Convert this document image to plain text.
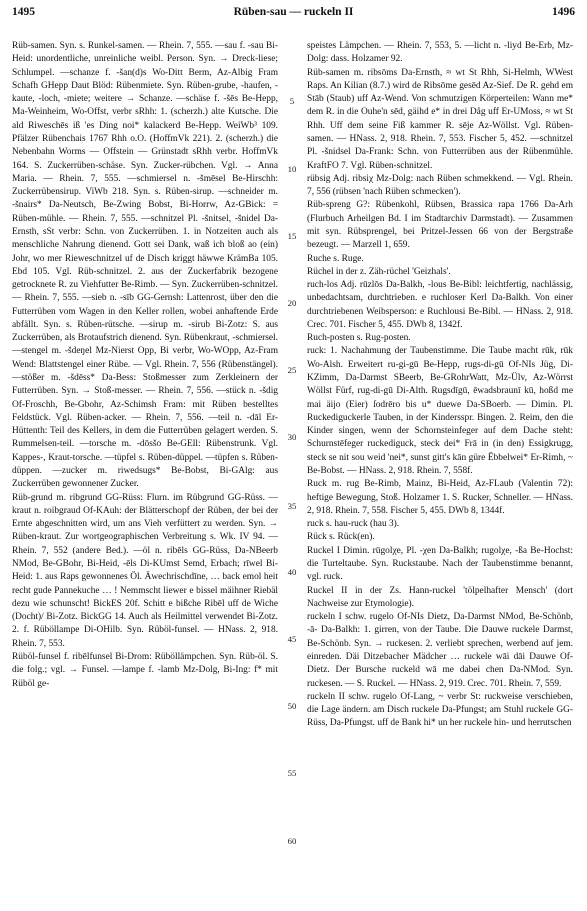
1495	Rüben-sau — ruckeln II	1496

Rüb-samen. Syn. s. Runkel-samen. — Rhein. 7, 555. —sau f. -sau Bi-Heid: unordentliche, unreinliche weibl. Person. Syn. → Dreck-liese; Schlumpel. —schanze f. -šan(d)s Wo-Ditt Berm, Az-Albig Fram Schafh GHepp Daut Blöd: Rübenmiete. Syn. Rüben-grube, -haufen, -kaute, -loch, -miete; weitere → Schanze. —schäse f. -šēs Be-Hepp, Ma-Weinheim, Wo-Offst, verbr sRhh: 1. (scherzh.) alte Kutsche. Die ald Riweschēs iß 'es Ding noi* kalackerd Be-Hepp. WeiWb³ 109. Pfälzer Rübenchais 1767 Rhh o.O. (HoffmVk 221). 2. (scherzh.) die Nebenbahn Worms — Offstein — Grünstadt sRhh verbr. HoffmVk 164. S. Zuckerrüben-schäse. Syn. Zucker-rübchen. Vgl. → Anna Maria. — Rhein. 7, 555. —schmiersel n. -šmēsel Be-Hirschh: Zuckerrübensirup. ViWb 218. Syn. s. Rüben-sirup. —schneider m. -šnairs* Da-Neutsch, Be-Zwing Bobst, Bi-Horrw, Az-GBick: = Rüben-mühle. — Rhein. 7, 555. —schnitzel Pl. -šnitsel, -šnidel Da-Ernsth, sSt verbr: Schn. von Zuckerrüben. 1. in Notzeiten auch als menschliche Nahrung dienend. Gott sei Dank, waß ich bloß ao (ein) Johr, wo mer Rieweschnitzel uf de Disch kriggt häwwe KrämBa 105. Ebd 105. Vgl. Rüb-schnitzel. 2. aus der Zuckerfabrik bezogene getrocknete R. zu Viehfutter Be-Rimb. — Syn. Zuckerrüben-schnitzel. — Rhein. 7, 555. —sieb n. -sīb GG-Gernsh: Lattenrost, über den die Futterrüben vom Wagen in den Keller rollen, wobei anhaftende Erde abfällt. Syn. s. Rüben-rütsche. —sirup m. -sirub Bi-Zotz: S. aus Zuckerrüben, als Brotaufstrich dienend. Syn. Rübenkraut, -schmiersel. —stengel m. -šdeŋel Mz-Nierst Opp, Bi verbr, Wo-WOpp, Az-Fram Wend: Blattstengel einer Rübe. — Vgl. Rhein. 7, 556 (Rübenstängel). —stößer m. -šdēss* Da-Bess: Stoßmesser zum Zerkleinern der Futterrüben. Syn. → Stoß-messer. — Rhein. 7, 556. —stück n. -šdig Of-Froschh, Be-Gbohr, Az-Schimsh Fram: mit Rüben bestelltes Feldstück. Vgl. Rüben-acker. — Rhein. 7, 556. —teil n. -dāl Er-Hüttenth: Teil des Kellers, in dem die Futterrüben gelagert werden. S. Rummelsen-teil. —torsche m. -dōsšo Be-GEll: Rübenstrunk. Vgl. Kappes-, Kraut-torsche. —tüpfel s. Rüben-düppel. —tüpfen s. Rüben-düppen. —zucker m. riwedsugs* Be-Bobst, Bi-GAlg: aus Zuckerrüben gewonnener Zucker.

Rüb-grund m. ribgrund GG-Rüss: Flurn. im Rübgrund GG-Rüss. —kraut n. roibgraud Of-KAuh: der Blätterschopf der Rüben, der bei der Ernte abgeschnitten wird, um ans Vieh verfüttert zu werden. Syn. → Rüben-kraut. Zur wortgeographischen Verbreitung s. Wk. IV 94. — Rhein. 7, 552 (andere Bed.). —öl n. ribēls GG-Rüss, Da-NBeerb NMod, Be-GBohr, Bi-Heid, -ēls Di-KUmst Semd, Erbach; rīwel Bi-Heid: 1. aus Raps gewonnenes Öl. Äwechrischdīne, … back emol heit recht gude Pannekuche … ! Nemmscht liewer e bissel mäihner Riebäl dezu wie schunscht! BickES 20f. Schitt e bißche Ribēl uff de Wiche (Docht)/ Bi-Zotz. BickGG 14. Auch als Heilmittel verwendet Bi-Zotz. 2. f. Rüböllampe Di-OHilb. Syn. Rüböl-funsel. — HNass. 2, 918. Rhein. 7, 553.

Rüböl-funsel f. ribēlfunsel Bi-Drom: Rüböllämpchen. Syn. Rüb-öl. S. die folg.; vgl. → Funsel. —lampe f. -lamb Mz-Dolg, Bi-Ing: f* mit Rüböl ge-

speistes Lämpchen. — Rhein. 7, 553, 5. —licht n. -liyd Be-Erb, Mz-Dolg: dass. Holzamer 92.

Rüb-samen m. ribsōms Da-Ernsth, ≈ wt St Rhh, Si-Helmh, WWest Raps. An Kilian (8.7.) wird de Ribsōme gesēd Az-Sief. De R. gehd em Stāb (Staub) uff Az-Wend. Von schmutzigen Körperteilen: Wann me* dem R. in die Ouhe'n sēd, gäihd e* in drei Dåg uff Er-UMoss, ≈ wt St Rhh. Uff dem seine Fiß kammer R. sēje Az-Wöllst. Vgl. Rüben-samen. — HNass. 2, 918. Rhein. 7, 553. Fischer 5, 452. —schnitzel Pl. -šnidsel Da-Frank: Schn. von Futterrüben aus der Rübenmühle. KraftFO 7. Vgl. Rüben-schnitzel.

rübsig Adj. ribsiχ Mz-Dolg: nach Rüben schmekkend. — Vgl. Rhein. 7, 556 (rübsen 'nach Rüben schmecken').

Rüb-spreng G?: Rübenkohl, Rübsen, Brassica rapa 1766 Da-Arh (Flurbuch Arheilgen Bd. I im Stadtarchiv Darmstadt). — Zusammen mit syn. Rübsprengel, bei Pritzel-Jessen 66 von der Bergstraße bezeugt. — Marzell 1, 659.

Ruche s. Ruge.

Rüchel in der z. Zäh-rüchel 'Geizhals'.

ruch-los Adj. rūzlōs Da-Balkh, -lous Be-Bibl: leichtfertig, nachlässig, unbedachtsam, durchtrieben. e ruchloser Kerl Da-Balkh. Von einer durchtriebenen Weibsperson: e Ruchlousi Be-Bibl. — HNass. 2, 918. Crec. 701. Fischer 5, 455. DWb 8, 1342f.

Ruch-posten s. Rug-posten.

ruck: 1. Nachahmung der Taubenstimme. Die Taube macht rūk, rūk Wo-Alsh. Erweitert ru-gi-gū Be-Hepp, rugs-di-gū Of-NIs Jüg, Di-KZimm, Da-Darmst SBeerb, Be-GRohrWatt, Mz-Ülv, Az-Wörrst Wöllst Fürf, rug-di-gū Di-Alth. Rugsdīgū, ēwadsbraunī kū, hoßd me mai äijo (Eier) ſodrēro bis u* duewe Da-SBoerb. — Dimin. Pl. Ruckediguckerle Tauben, in der Kindersspr. Bingen. 2. Reim, den die Kinder singen, wenn der Schornsteinfeger auf dem Dache steht: Schurnstēfeger ruckediguck, steck dei* Frā in (in den) Essigkrugg, steck se nit sou weid 'nei*, sunst gitt's kān güre Ēbbelwei* Er-Rimh, ~ Be-Bobst. — HNass. 2, 918. Rhein. 7, 558f.

Ruck m. rug Be-Rimb, Mainz, Bi-Heid, Az-FLaub (Valentin 72): heftige Bewegung, Stoß. Holzamer 1. S. Rucker, Schneller. — HNass. 2, 918. Rhein. 7, 558. Fischer 5, 455. DWb 8, 1344f.

ruck s. hau-ruck (hau 3).

Rück s. Rück(en).

Ruckel I Dimin. rūgolχe, Pl. -χen Da-Balkh; rugolχe, -ßa Be-Hochst: die Turteltaube. Syn. Ruckstaube. Nach der Taubenstimme benannt, vgl. ruck.

Ruckel II in der Zs. Hann-ruckel 'tölpelhafter Mensch' (dort Nachweise zur Etymologie).

ruckeln I schw. rugelo Of-NIs Dietz, Da-Darmst NMod, Be-Schönb, -ā- Da-Balkh: 1. girren, von der Taube. Die Dauwe ruckele Darmst, Be-Schönb. Syn. → ruckesen. 2. verliebt sprechen, werbend auf jem. einreden. Däi Ditzebacher Mädcher … ruckele wāi dāi Dauwe Of-Dietz. Der Bursche ruckeld wā me dabei chen Da-NMod. Syn. ruckesen. — S. Ruckel. — HNass. 2, 919. Crec. 701. Rhein. 7, 559.

ruckeln II schw. rugelo Of-Lang, ~ verbr St: ruckweise verschieben, die Lage ändern. am Disch ruckele Da-Pfungst; am Stuhl ruckele GG-Rüss, Da-Pfungst. uff de Bank hi* un her ruckele hin- und herrutschen

5
10
15
20
25
30
35
40
45
50
55
60
